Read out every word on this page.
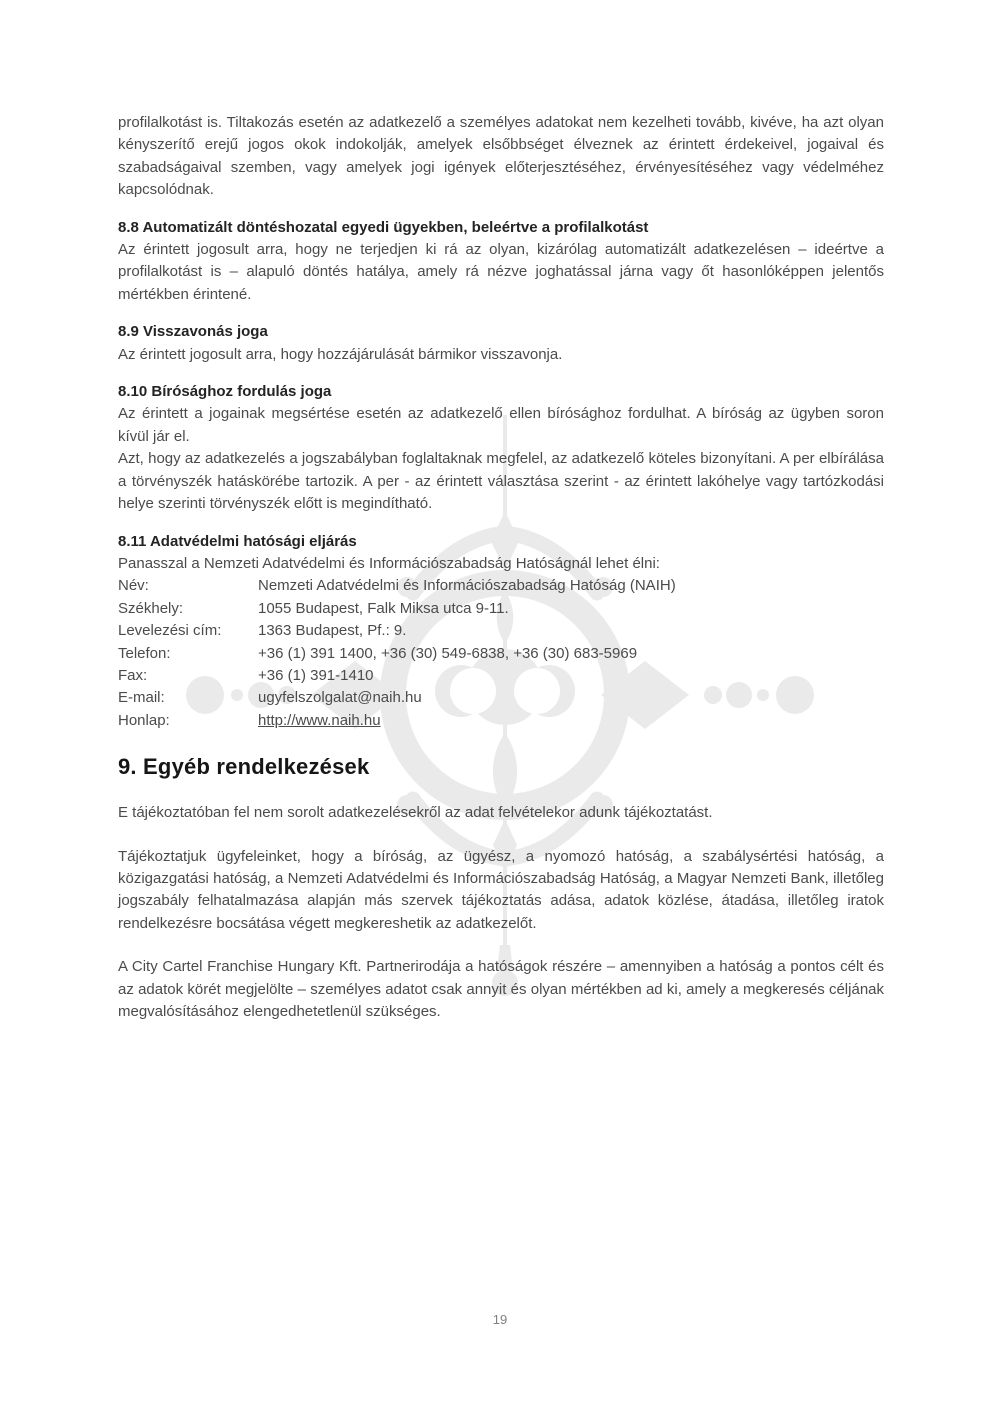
profilalkotást is. Tiltakozás esetén az adatkezelő a személyes adatokat nem kezelheti tovább, kivéve, ha azt olyan kényszerítő erejű jogos okok indokolják, amelyek elsőbbséget élveznek az érintett érdekeivel, jogaival és szabadságaival szemben, vagy amelyek jogi igények előterjesztéséhez, érvényesítéséhez vagy védelméhez kapcsolódnak.

8.8 Automatizált döntéshozatal egyedi ügyekben, beleértve a profilalkotást

Az érintett jogosult arra, hogy ne terjedjen ki rá az olyan, kizárólag automatizált adatkezelésen – ideértve a profilalkotást is – alapuló döntés hatálya, amely rá nézve joghatással járna vagy őt hasonlóképpen jelentős mértékben érintené.

8.9 Visszavonás joga

Az érintett jogosult arra, hogy hozzájárulását bármikor visszavonja.

8.10 Bírósághoz fordulás joga

Az érintett a jogainak megsértése esetén az adatkezelő ellen bírósághoz fordulhat. A bíróság az ügyben soron kívül jár el.

Azt, hogy az adatkezelés a jogszabályban foglaltaknak megfelel, az adatkezelő köteles bizonyítani. A per elbírálása a törvényszék hatáskörébe tartozik. A per - az érintett választása szerint - az érintett lakóhelye vagy tartózkodási helye szerinti törvényszék előtt is megindítható.

8.11 Adatvédelmi hatósági eljárás

Panasszal a Nemzeti Adatvédelmi és Információszabadság Hatóságnál lehet élni:

Név:	Nemzeti Adatvédelmi és Információszabadság Hatóság (NAIH)
Székhely:	1055 Budapest, Falk Miksa utca 9-11.
Levelezési cím:	1363 Budapest, Pf.: 9.
Telefon:	+36 (1) 391 1400, +36 (30) 549-6838, +36 (30) 683-5969
Fax:	+36 (1) 391-1410
E-mail:	ugyfelszolgalat@naih.hu
Honlap:	http://www.naih.hu
9. Egyéb rendelkezések

E tájékoztatóban fel nem sorolt adatkezelésekről az adat felvételekor adunk tájékoztatást.

Tájékoztatjuk ügyfeleinket, hogy a bíróság, az ügyész, a nyomozó hatóság, a szabálysértési hatóság, a közigazgatási hatóság, a Nemzeti Adatvédelmi és Információszabadság Hatóság, a Magyar Nemzeti Bank, illetőleg jogszabály felhatalmazása alapján más szervek tájékoztatás adása, adatok közlése, átadása, illetőleg iratok rendelkezésre bocsátása végett megkereshetik az adatkezelőt.

A City Cartel Franchise Hungary Kft. Partnerirodája a hatóságok részére – amennyiben a hatóság a pontos célt és az adatok körét megjelölte – személyes adatot csak annyit és olyan mértékben ad ki, amely a megkeresés céljának megvalósításához elengedhetetlenül szükséges.

19
